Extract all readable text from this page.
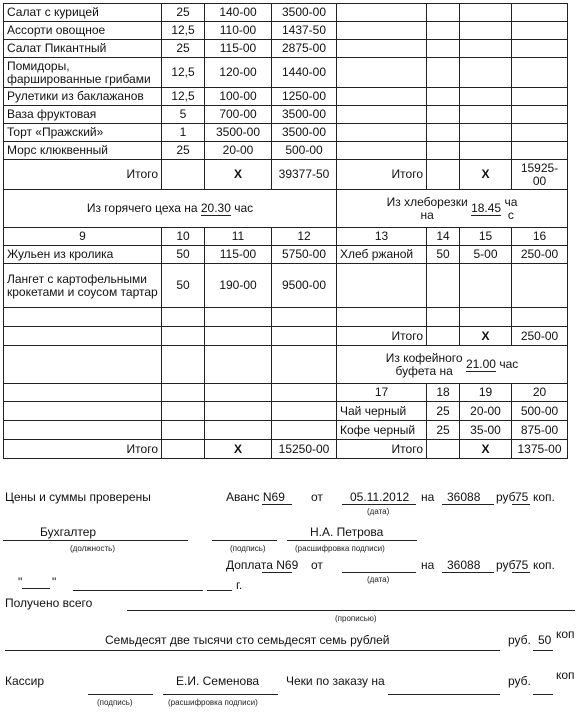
Салат с курицей	25	140-00	3500-00				
Ассорти овощное	12,5	110-00	1437-50				
Салат Пикантный	25	115-00	2875-00				
Помидоры, фаршированные грибами	12,5	120-00	1440-00				
Рулетики из баклажанов	12,5	100-00	1250-00				
Ваза фруктовая	5	700-00	3500-00				
Торт «Пражский»	1	3500-00	3500-00				
Морс клюквенный	25	20-00	500-00				
Итого		X	39377-50	Итого		X	15925-00
Из горячего цеха на 20.30 час				Из хлеборезки
на 18.45 ча
с			
9	10	11	12	13	14	15	16
Жульен из кролика	50	115-00	5750-00	Хлеб ржаной	50	5-00	250-00
Лангет с картофельными крокетами и соусом тартар	50	190-00	9500-00				

				Итого		X	250-00
				Из кофейного
буфета на 21.00 час			
				17	18	19	20
				Чай черный	25	20-00	500-00
				Кофе черный	25	35-00	875-00
Итого		X	15250-00	Итого		X	1375-00
Цены и суммы проверены	Аванс N69 от 05.11.2012
(дата)
на 36088 руб.
75 коп.
Бухгалтер	Н.А. Петрова
(должность)	(подпись)	(расшифровка подписи)
Доплата N69 от
(дата)
на 36088 руб.
75 коп.
" "	г.
Получено всего
(прописью)
Семьдесят две тысячи сто семьдесят семь рублей	руб. 50 коп
Кассир	Е.И. Семенова Чеки по заказу на	руб. коп
(подпись)	(расшифровка подписи)
